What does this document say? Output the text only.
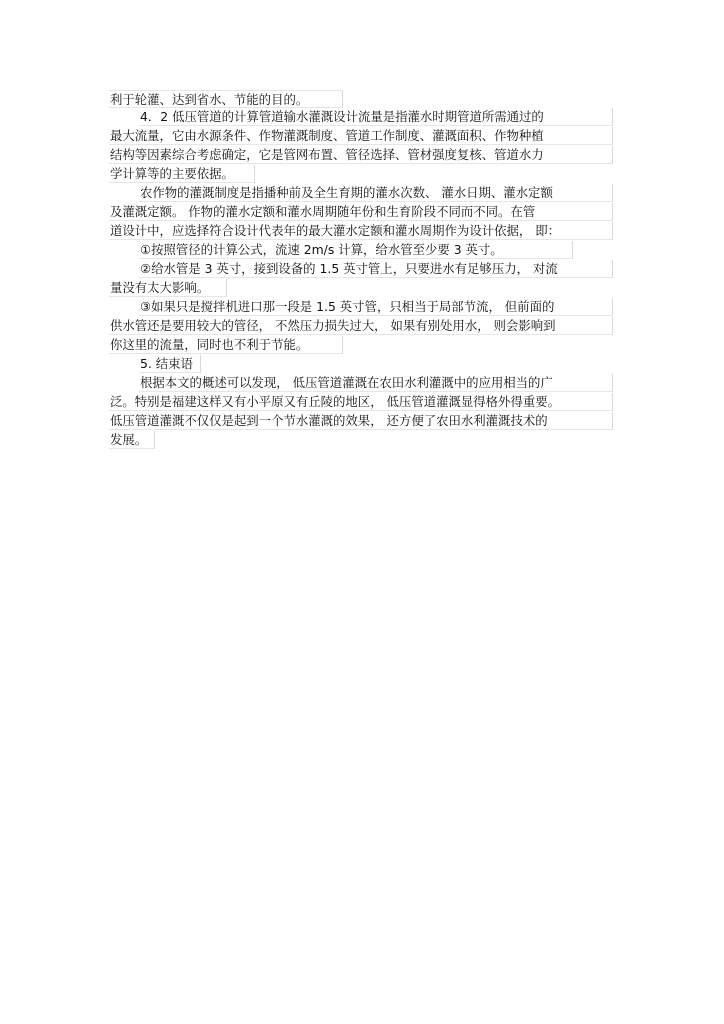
利于轮灌、达到省水、节能的目的。
4．2 低压管道的计算管道输水灌溉设计流量是指灌水时期管道所需通过的
最大流量，它由水源条件、作物灌溉制度、管道工作制度、灌溉面积、作物种植
结构等因素综合考虑确定，它是管网布置、管径选择、管材强度复核、管道水力
学计算等的主要依据。
农作物的灌溉制度是指播种前及全生育期的灌水次数、 灌水日期、灌水定额
及灌溉定额。 作物的灌水定额和灌水周期随年份和生育阶段不同而不同。在管
道设计中，应选择符合设计代表年的最大灌水定额和灌水周期作为设计依据， 即：
①按照管径的计算公式，流速 2m/s 计算，给水管至少要 3 英寸。
②给水管是 3 英寸，接到设备的 1.5 英寸管上，只要进水有足够压力， 对流
量没有太大影响。
③如果只是搅拌机进口那一段是 1.5 英寸管，只相当于局部节流， 但前面的
供水管还是要用较大的管径， 不然压力损失过大， 如果有别处用水， 则会影响到
你这里的流量，同时也不利于节能。
5. 结束语
根据本文的概述可以发现， 低压管道灌溉在农田水利灌溉中的应用相当的广
泛。特别是福建这样又有小平原又有丘陵的地区， 低压管道灌溉显得格外得重要。
低压管道灌溉不仅仅是起到一个节水灌溉的效果， 还方便了农田水利灌溉技术的
发展。
